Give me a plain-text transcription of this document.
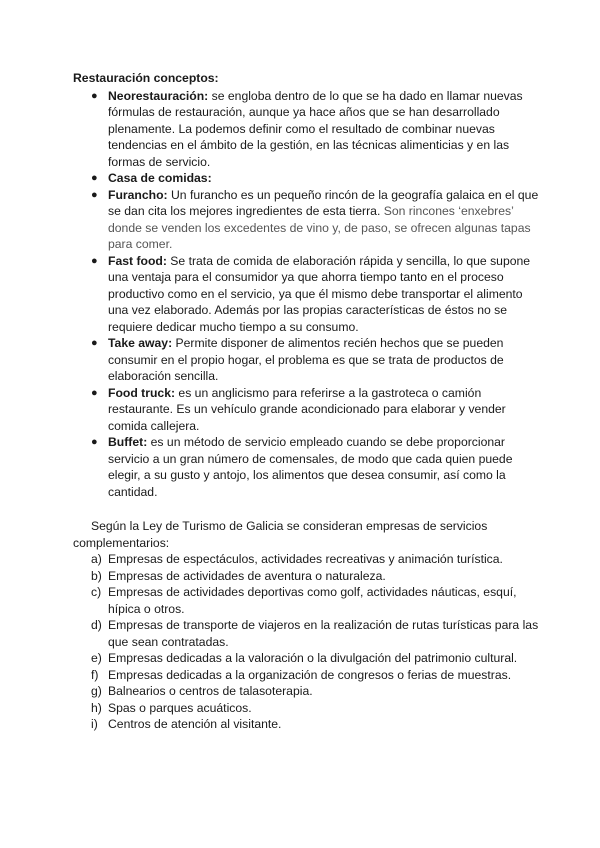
Restauración conceptos:
● Neorestauración: se engloba dentro de lo que se ha dado en llamar nuevas fórmulas de restauración, aunque ya hace años que se han desarrollado plenamente. La podemos definir como el resultado de combinar nuevas tendencias en el ámbito de la gestión, en las técnicas alimenticias y en las formas de servicio.
● Casa de comidas:
● Furancho: Un furancho es un pequeño rincón de la geografía galaica en el que se dan cita los mejores ingredientes de esta tierra. Son rincones ‘enxebres’ donde se venden los excedentes de vino y, de paso, se ofrecen algunas tapas para comer.
● Fast food: Se trata de comida de elaboración rápida y sencilla, lo que supone una ventaja para el consumidor ya que ahorra tiempo tanto en el proceso productivo como en el servicio, ya que él mismo debe transportar el alimento una vez elaborado. Además por las propias características de éstos no se requiere dedicar mucho tiempo a su consumo.
● Take away: Permite disponer de alimentos recién hechos que se pueden consumir en el propio hogar, el problema es que se trata de productos de elaboración sencilla.
● Food truck: es un anglicismo para referirse a la gastroteca o camión restaurante. Es un vehículo grande acondicionado para elaborar y vender comida callejera.
● Buffet: es un método de servicio empleado cuando se debe proporcionar servicio a un gran número de comensales, de modo que cada quien puede elegir, a su gusto y antojo, los alimentos que desea consumir, así como la cantidad.

Según la Ley de Turismo de Galicia se consideran empresas de servicios complementarios:

a) Empresas de espectáculos, actividades recreativas y animación turística.
b) Empresas de actividades de aventura o naturaleza.
c) Empresas de actividades deportivas como golf, actividades náuticas, esquí, hípica o otros.
d) Empresas de transporte de viajeros en la realización de rutas turísticas para las que sean contratadas.
e) Empresas dedicadas a la valoración o la divulgación del patrimonio cultural.
f) Empresas dedicadas a la organización de congresos o ferias de muestras.
g) Balnearios o centros de talasoterapia.
h) Spas o parques acuáticos.
i) Centros de atención al visitante.
